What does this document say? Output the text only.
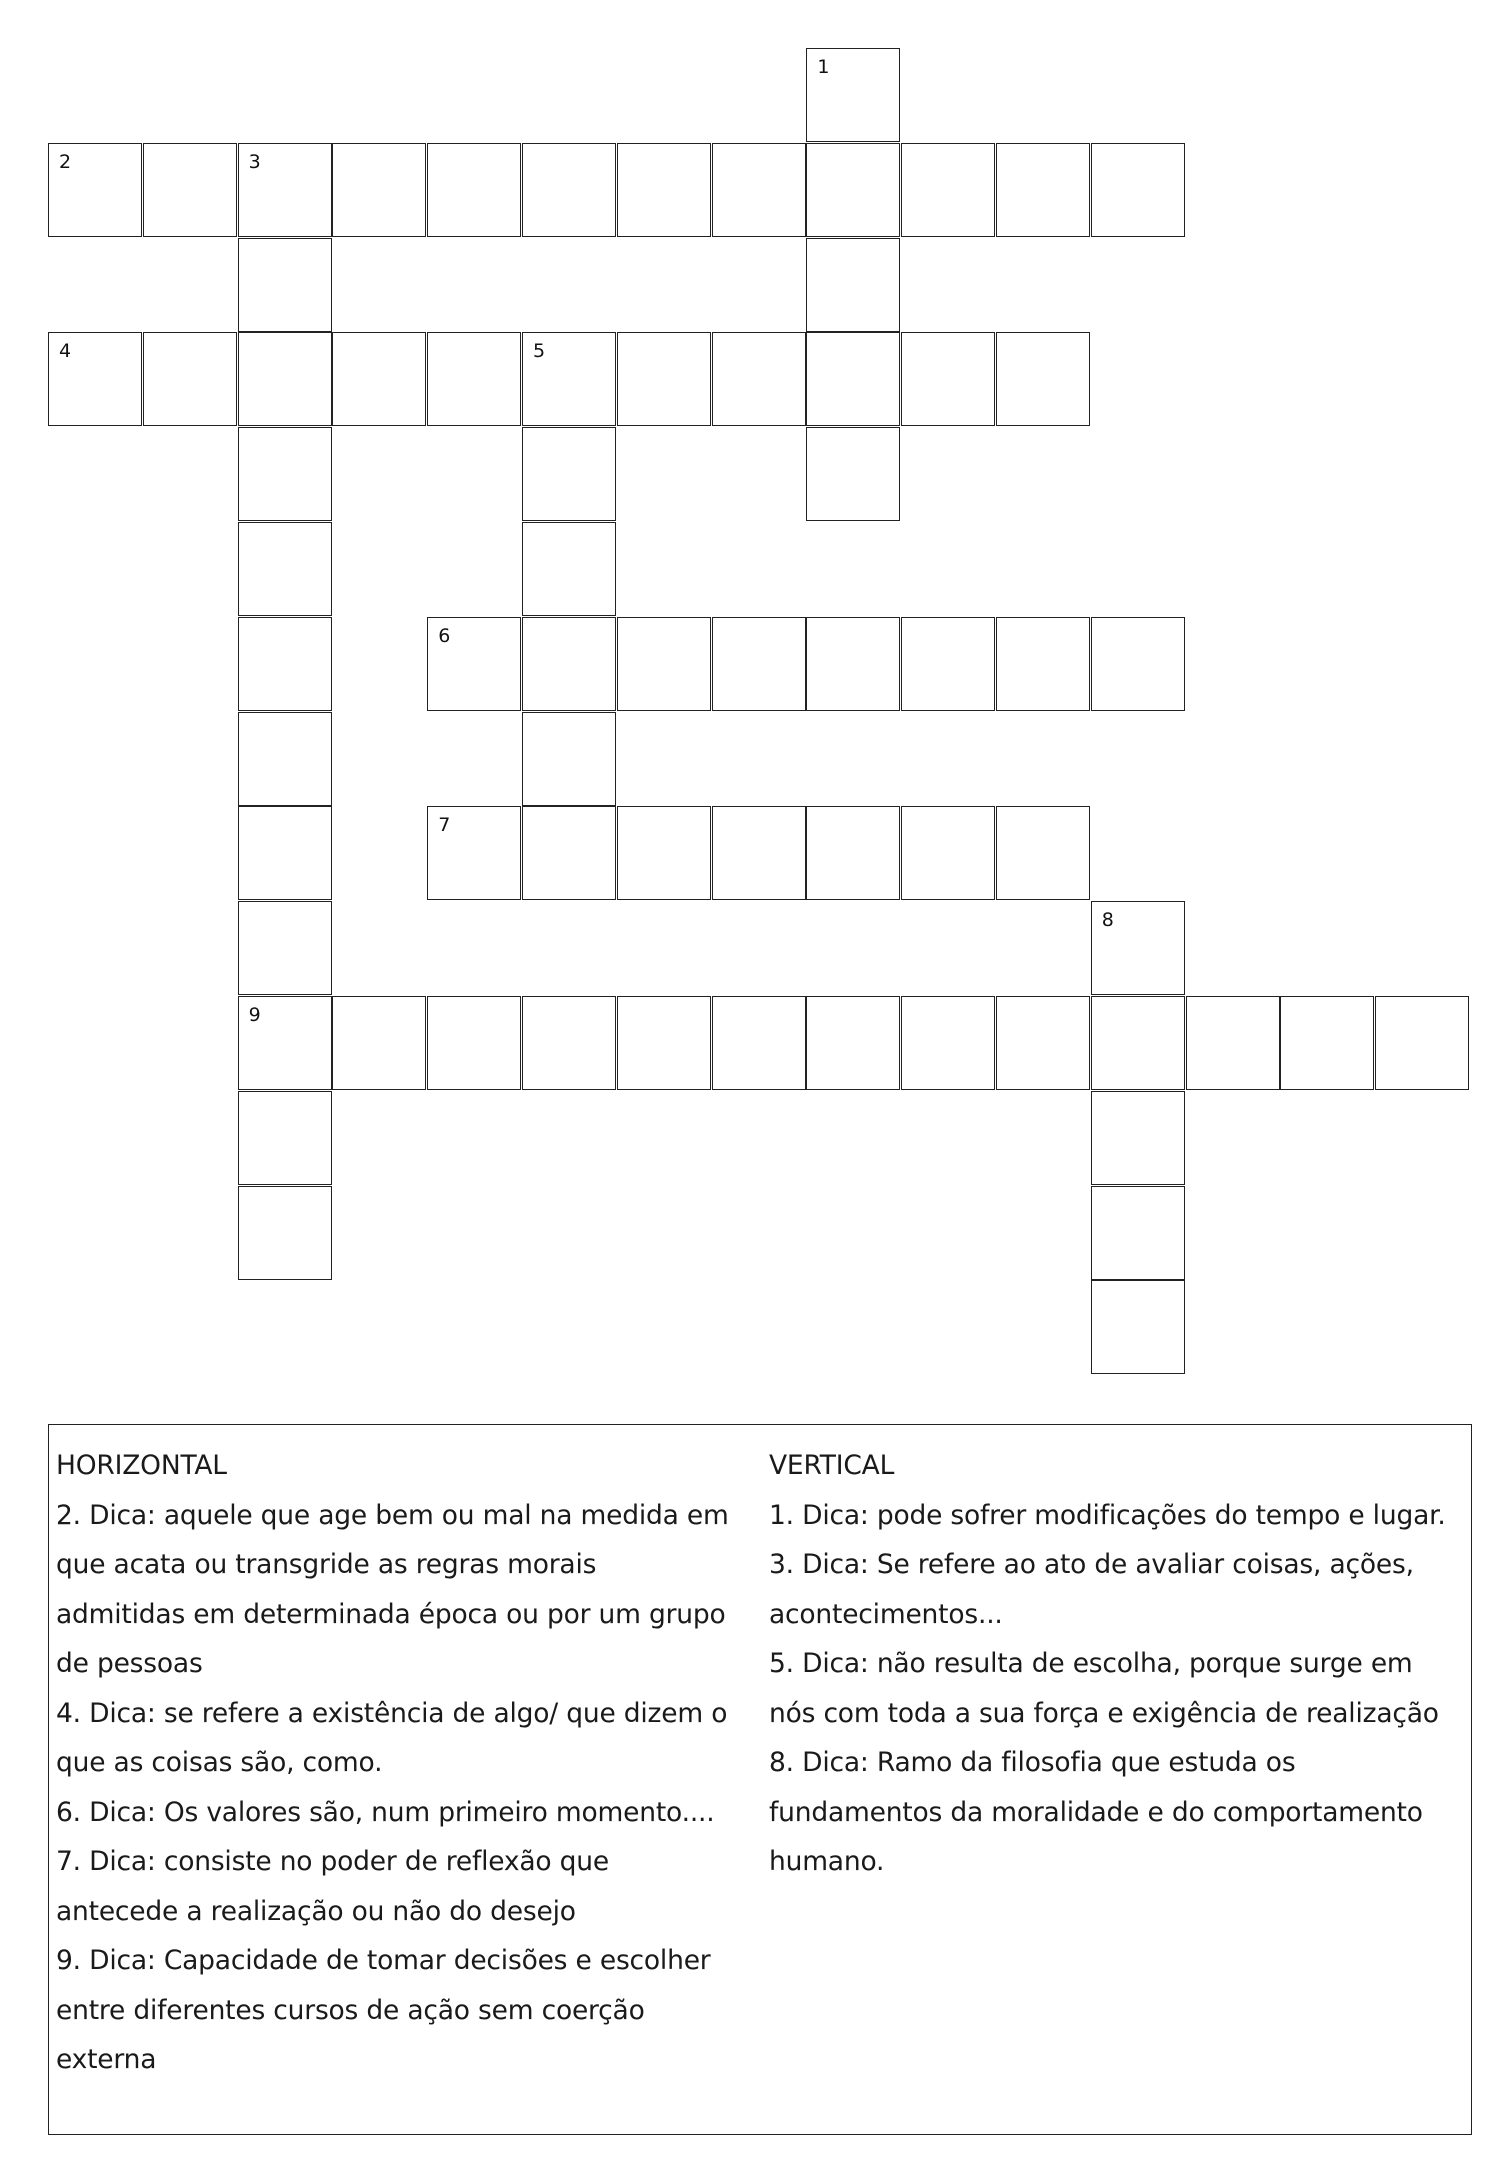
1
2	3
4	5
6
7
8
9
HORIZONTAL
2. Dica: aquele que age bem ou mal na medida em
que acata ou transgride as regras morais
admitidas em determinada época ou por um grupo
de pessoas
4. Dica: se refere a existência de algo/ que dizem o
que as coisas são, como.
6. Dica: Os valores são, num primeiro momento....
7. Dica: consiste no poder de reflexão que
antecede a realização ou não do desejo
9. Dica: Capacidade de tomar decisões e escolher
entre diferentes cursos de ação sem coerção
externa
VERTICAL
1. Dica: pode sofrer modificações do tempo e lugar.
3. Dica: Se refere ao ato de avaliar coisas, ações,
acontecimentos...
5. Dica: não resulta de escolha, porque surge em
nós com toda a sua força e exigência de realização
8. Dica: Ramo da filosofia que estuda os
fundamentos da moralidade e do comportamento
humano.
